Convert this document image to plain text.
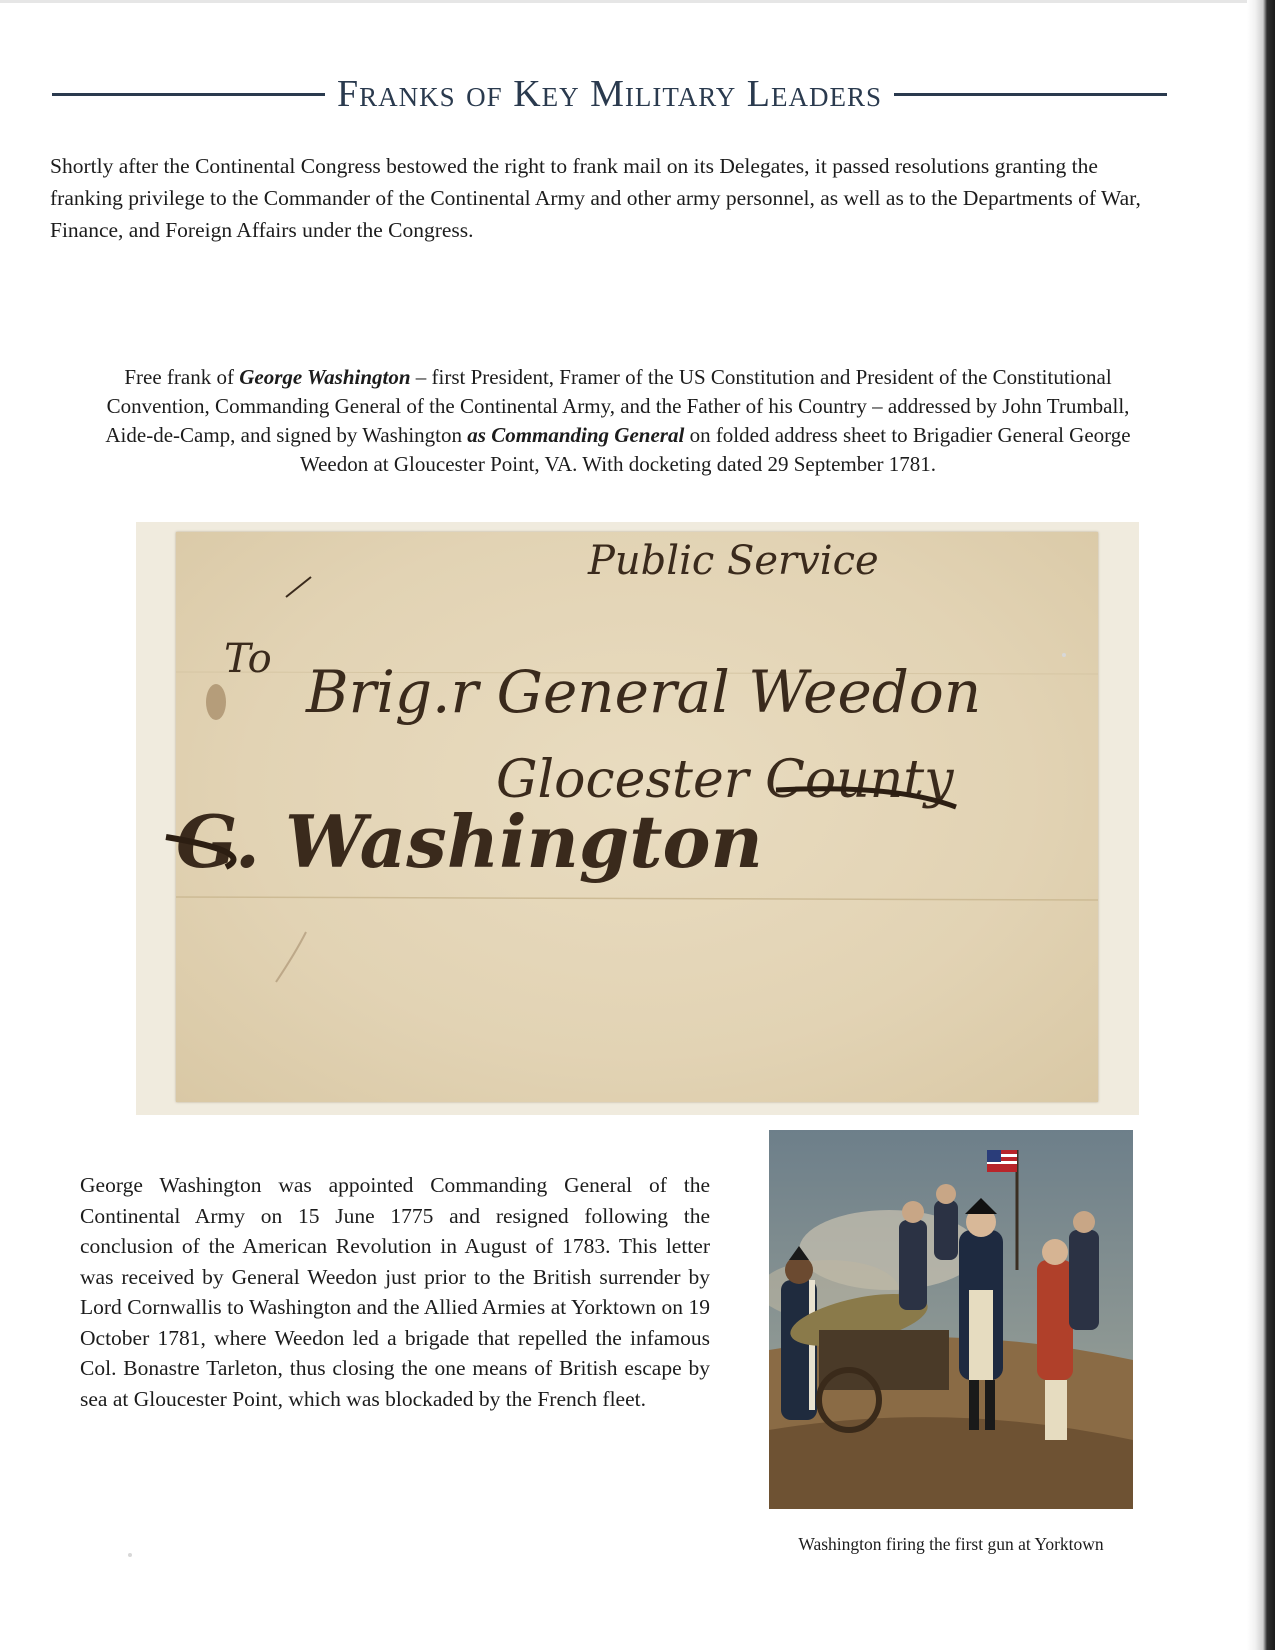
Franks of Key Military Leaders

Shortly after the Continental Congress bestowed the right to frank mail on its Delegates, it passed resolutions granting the franking privilege to the Commander of the Continental Army and other army personnel, as well as to the Departments of War, Finance, and Foreign Affairs under the Congress.

Free frank of George Washington – first President, Framer of the US Constitution and President of the Constitutional Convention, Commanding General of the Continental Army, and the Father of his Country – addressed by John Trumball, Aide-de-Camp, and signed by Washington as Commanding General on folded address sheet to Brigadier General George Weedon at Gloucester Point, VA. With docketing dated 29 September 1781.

Public Service
To Brig.r General Weedon
Glocester County
G. Washington

George Washington was appointed Commanding General of the Continental Army on 15 June 1775 and resigned following the conclusion of the American Revolution in August of 1783. This letter was received by General Weedon just prior to the British surrender by Lord Cornwallis to Washington and the Allied Armies at Yorktown on 19 October 1781, where Weedon led a brigade that repelled the infamous Col. Bonastre Tarleton, thus closing the one means of British escape by sea at Gloucester Point, which was blockaded by the French fleet.

Washington firing the first gun at Yorktown
